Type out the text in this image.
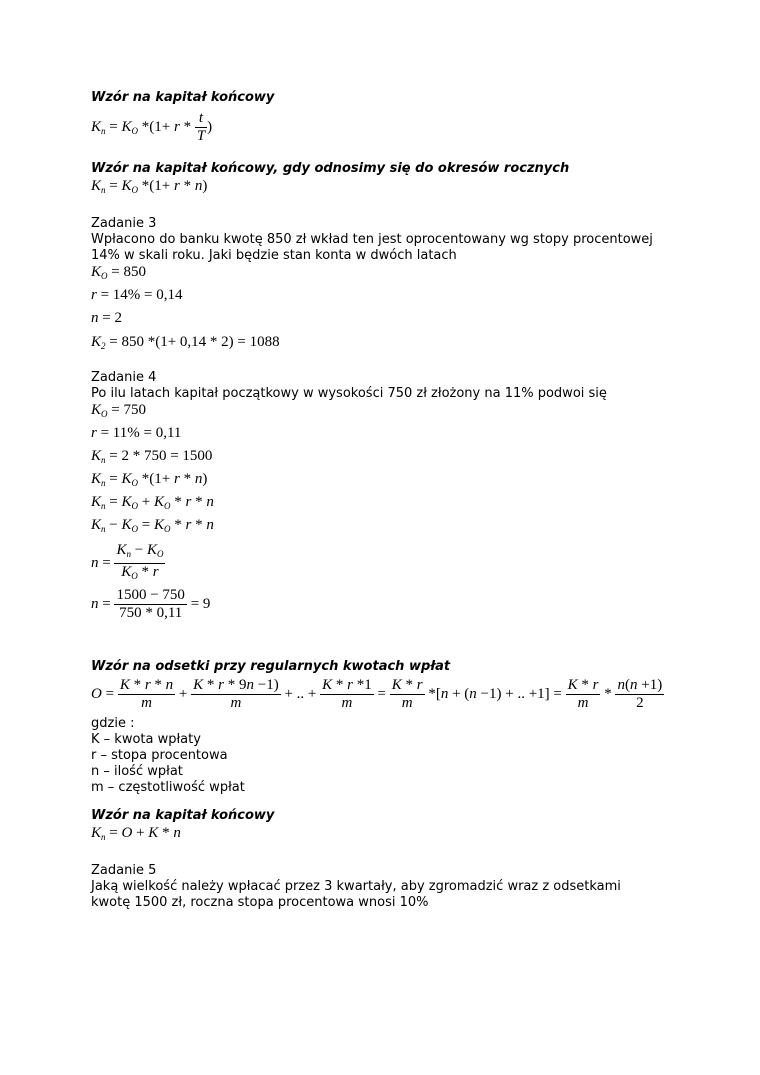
Wzór na kapitał końcowy
$K_n = K_O$ $*(1+ r * \frac{t}{T}$ )
Wzór na kapitał końcowy, gdy odnosimy się do okresów rocznych
$K_n = K_O$ *(1+ r * n)
Zadanie 3
Wpłacono do banku kwotę 850 zł wkład ten jest oprocentowany wg stopy procentowej 14% w skali roku. Jaki będzie stan konta w dwóch latach
$K_O = 850$
r = 14% = 0,14
n = 2
$K_2 = 850$ *(1+ 0,14 * 2) = 1088
Zadanie 4
Po ilu latach kapitał początkowy w wysokości 750 zł złożony na 11% podwoi się
$K_O = 750$
r = 11% = 0,11
$K_n = 2 * 750 = 1500$
$K_n = K_O$ *(1+ r * n)
$K_n = K_O + K_O * r * n$
$K_n - K_O = K_O * r * n$
$n = \frac{K_n - K_O}{K_O * r}$
$n = \frac{1500 - 750}{750 * 0,11} = 9$
Wzór na odsetki przy regularnych kwotach wpłat
$O = \frac{K * r * n}{m} + \frac{K * r * 9n -1)}{m}$ + .. + $\frac{K * r *1}{m} = \frac{K * r}{m} *[n + (n -1)$ + .. $+1] = \frac{K * r}{m} * \frac{n(n +1)}{2}$
gdzie :
K – kwota wpłaty
r – stopa procentowa
n – ilość wpłat
m – częstotliwość wpłat
Wzór na kapitał końcowy
$K_n = O + K * n$
Zadanie 5
Jaką wielkość należy wpłacać przez 3 kwartały, aby zgromadzić wraz z odsetkami kwotę 1500 zł, roczna stopa procentowa wnosi 10%
